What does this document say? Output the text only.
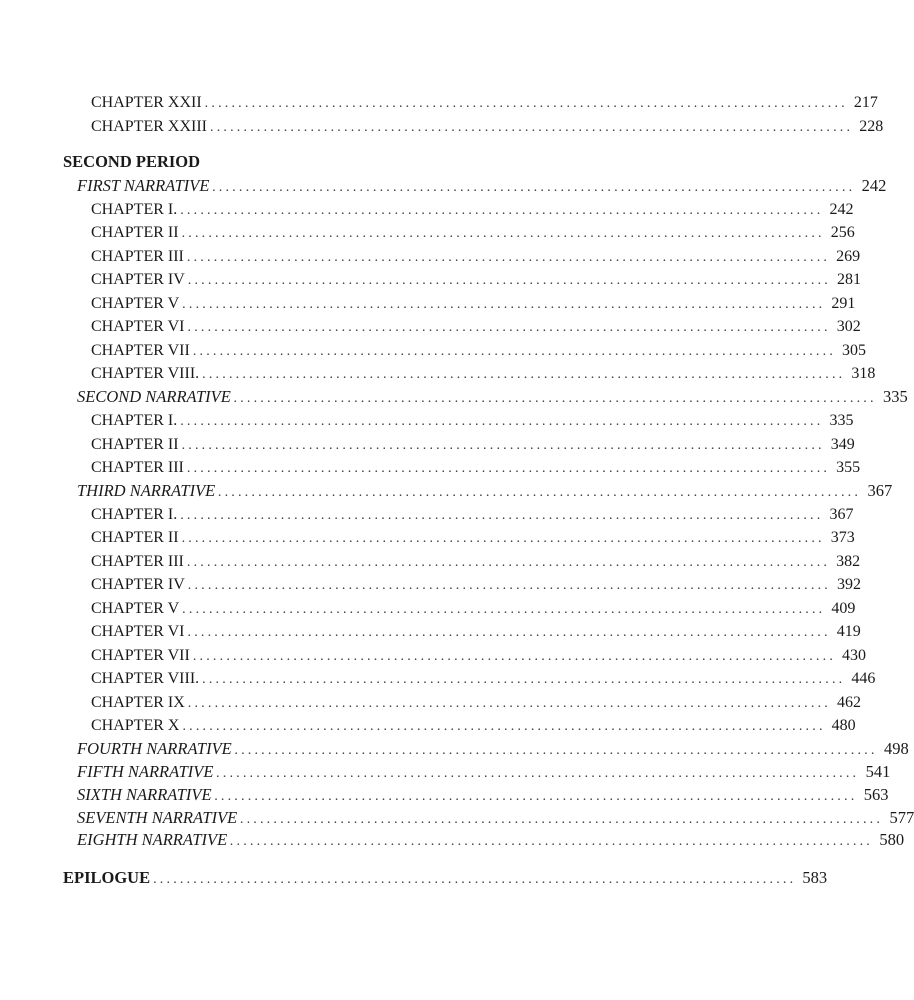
CHAPTER XXII ................................................................................................ 217
CHAPTER XXIII ................................................................................................ 228
SECOND PERIOD
FIRST NARRATIVE ................................................................................................ 242
CHAPTER I. ................................................................................................ 242
CHAPTER II ................................................................................................ 256
CHAPTER III ................................................................................................ 269
CHAPTER IV ................................................................................................ 281
CHAPTER V ................................................................................................ 291
CHAPTER VI ................................................................................................ 302
CHAPTER VII ................................................................................................ 305
CHAPTER VIII. ................................................................................................ 318
SECOND NARRATIVE ................................................................................................ 335
CHAPTER I. ................................................................................................ 335
CHAPTER II ................................................................................................ 349
CHAPTER III ................................................................................................ 355
THIRD NARRATIVE ................................................................................................ 367
CHAPTER I. ................................................................................................ 367
CHAPTER II ................................................................................................ 373
CHAPTER III ................................................................................................ 382
CHAPTER IV ................................................................................................ 392
CHAPTER V ................................................................................................ 409
CHAPTER VI ................................................................................................ 419
CHAPTER VII ................................................................................................ 430
CHAPTER VIII. ................................................................................................ 446
CHAPTER IX ................................................................................................ 462
CHAPTER X ................................................................................................ 480
FOURTH NARRATIVE ................................................................................................ 498
FIFTH NARRATIVE ................................................................................................ 541
SIXTH NARRATIVE ................................................................................................ 563
SEVENTH NARRATIVE ................................................................................................ 577
EIGHTH NARRATIVE ................................................................................................ 580
EPILOGUE ................................................................................................ 583
